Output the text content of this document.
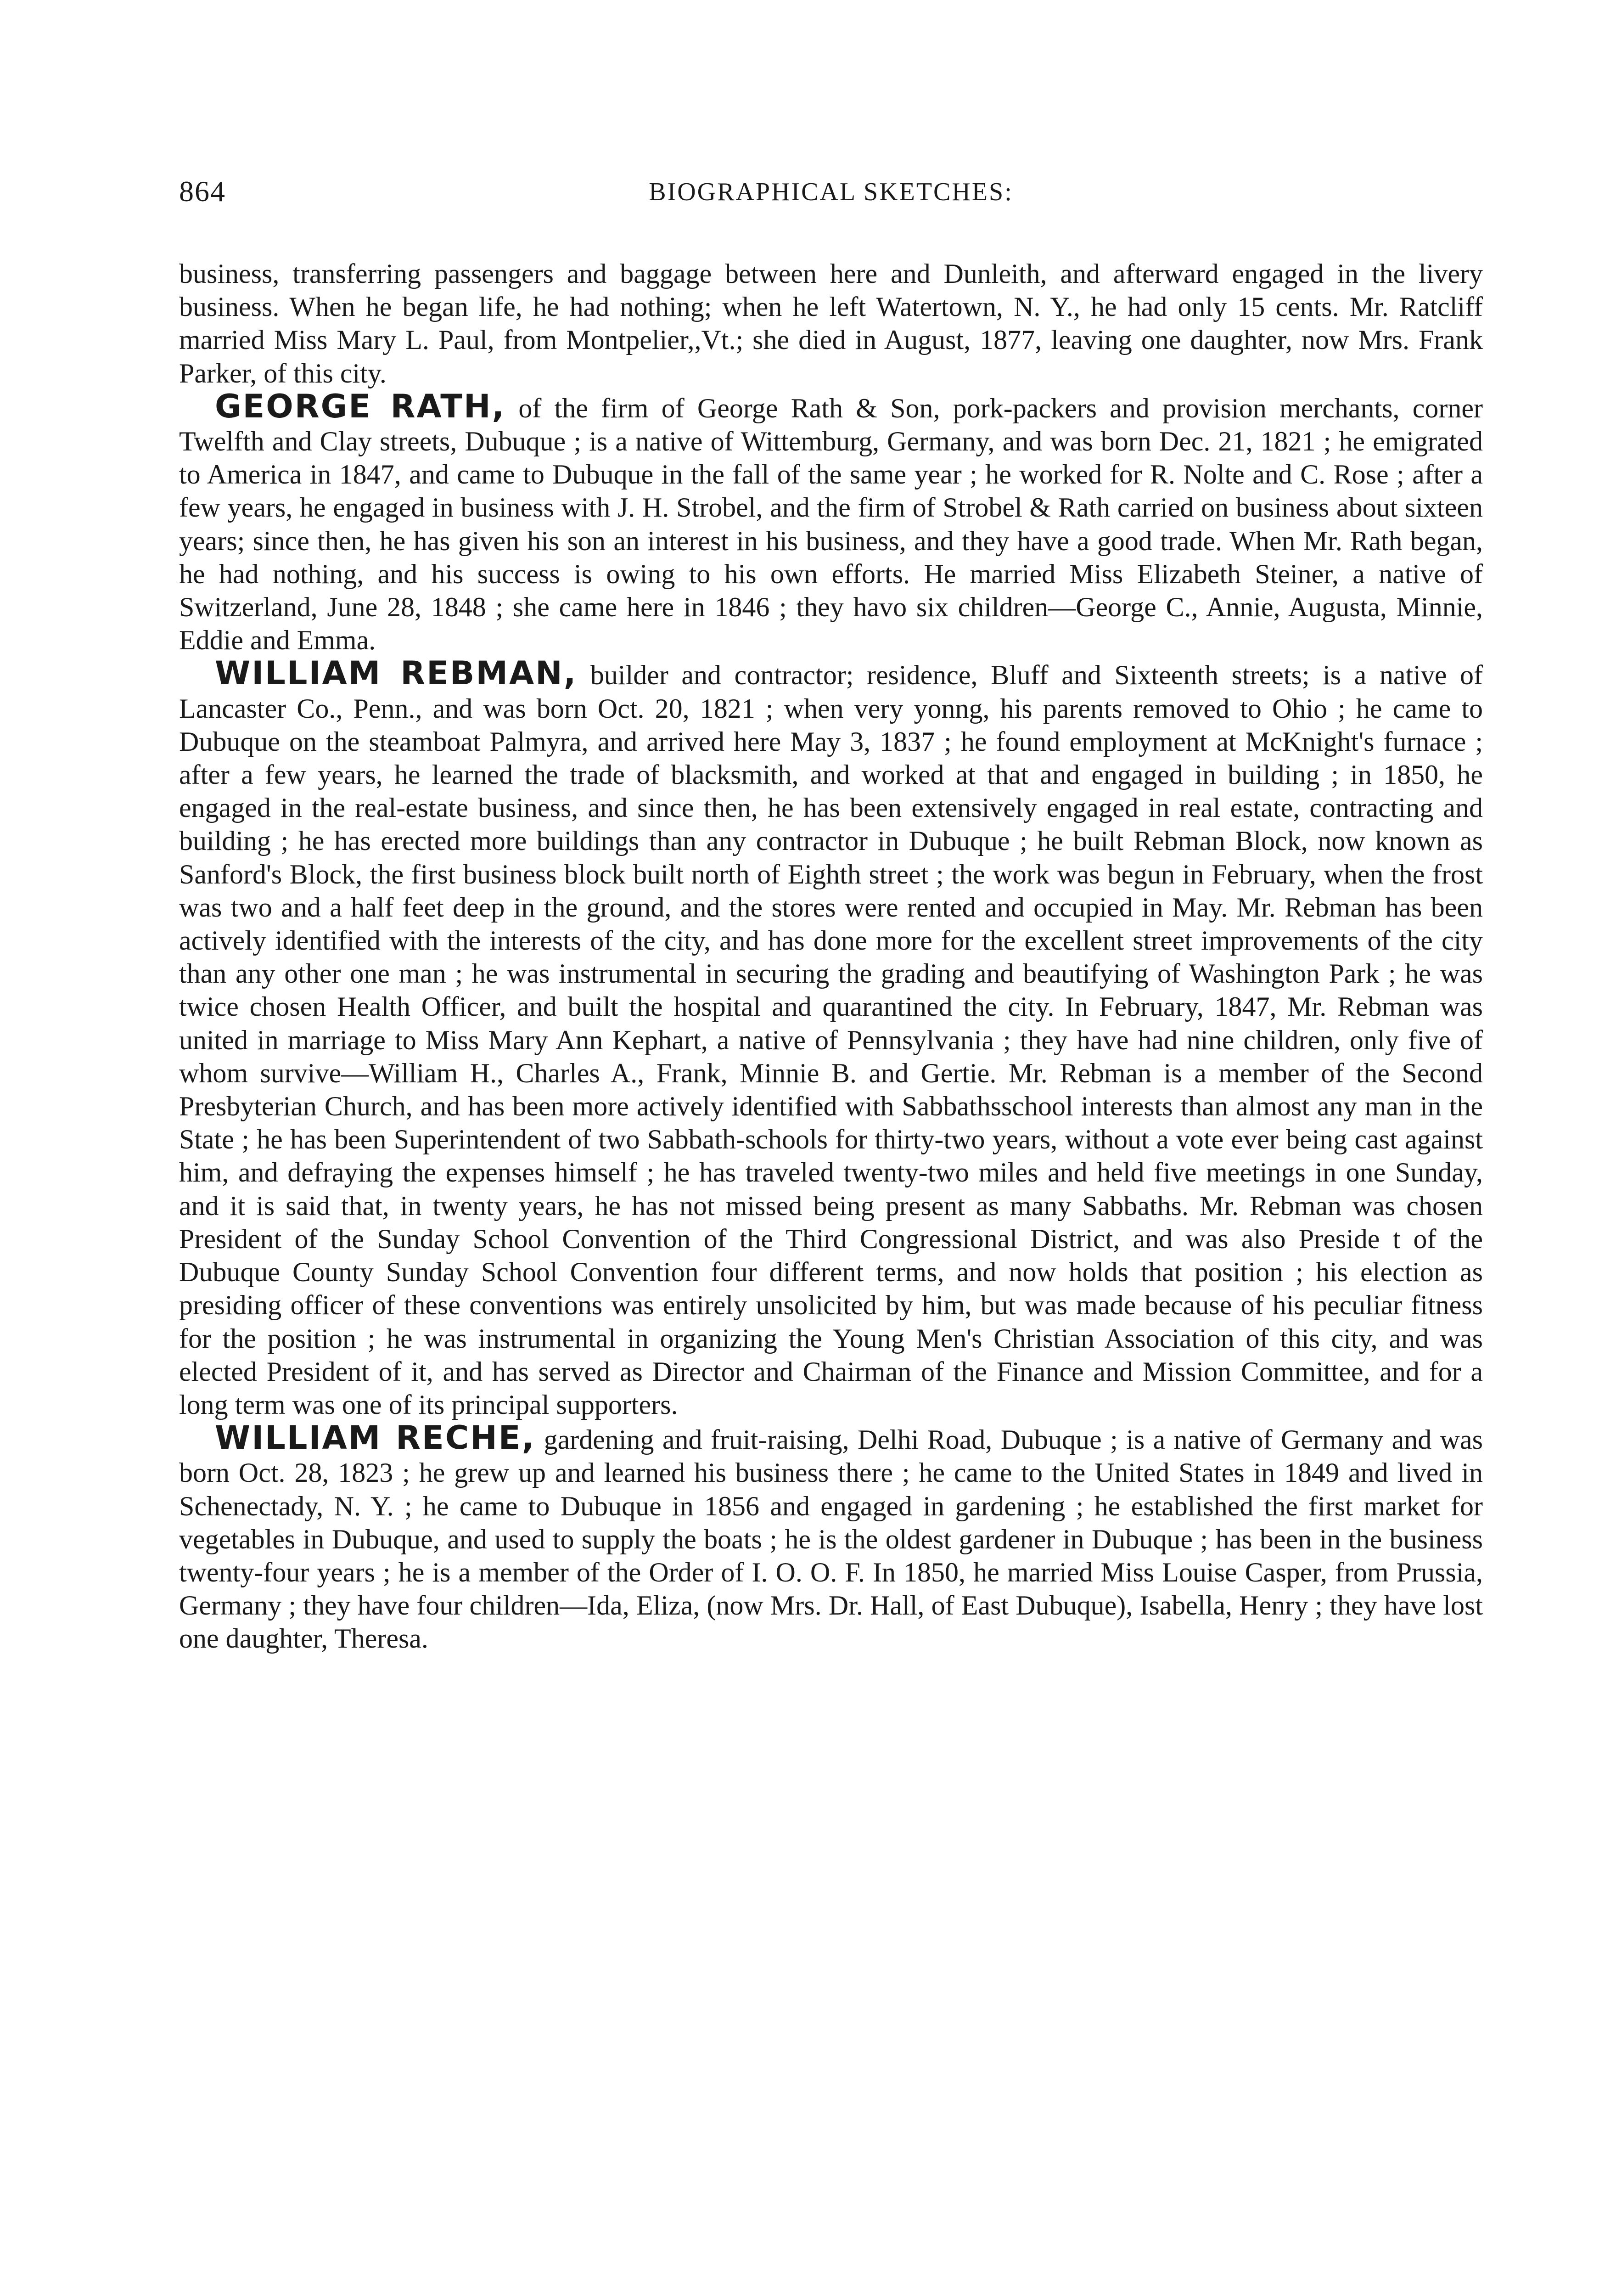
864	BIOGRAPHICAL SKETCHES:

business, transferring passengers and baggage between here and Dunleith, and afterward engaged in the livery business. When he began life, he had nothing; when he left Watertown, N. Y., he had only 15 cents. Mr. Ratcliff married Miss Mary L. Paul, from Montpelier,,Vt.; she died in August, 1877, leaving one daughter, now Mrs. Frank Parker, of this city.

GEORGE RATH, of the firm of George Rath & Son, pork-packers and provision merchants, corner Twelfth and Clay streets, Dubuque ; is a native of Wittemburg, Germany, and was born Dec. 21, 1821 ; he emigrated to America in 1847, and came to Dubuque in the fall of the same year ; he worked for R. Nolte and C. Rose ; after a few years, he engaged in business with J. H. Strobel, and the firm of Strobel & Rath carried on business about sixteen years; since then, he has given his son an interest in his business, and they have a good trade. When Mr. Rath began, he had nothing, and his success is owing to his own efforts. He married Miss Elizabeth Steiner, a native of Switzerland, June 28, 1848 ; she came here in 1846 ; they havo six children—George C., Annie, Augusta, Minnie, Eddie and Emma.

WILLIAM REBMAN, builder and contractor; residence, Bluff and Sixteenth streets; is a native of Lancaster Co., Penn., and was born Oct. 20, 1821 ; when very yonng, his parents removed to Ohio ; he came to Dubuque on the steamboat Palmyra, and arrived here May 3, 1837 ; he found employment at McKnight's furnace ; after a few years, he learned the trade of blacksmith, and worked at that and engaged in building ; in 1850, he engaged in the real-estate business, and since then, he has been extensively engaged in real estate, contracting and building ; he has erected more buildings than any contractor in Dubuque ; he built Rebman Block, now known as Sanford's Block, the first business block built north of Eighth street ; the work was begun in February, when the frost was two and a half feet deep in the ground, and the stores were rented and occupied in May. Mr. Rebman has been actively identified with the interests of the city, and has done more for the excellent street improvements of the city than any other one man ; he was instrumental in securing the grading and beautifying of Washington Park ; he was twice chosen Health Officer, and built the hospital and quarantined the city. In February, 1847, Mr. Rebman was united in marriage to Miss Mary Ann Kephart, a native of Pennsylvania ; they have had nine children, only five of whom survive—William H., Charles A., Frank, Minnie B. and Gertie. Mr. Rebman is a member of the Second Presbyterian Church, and has been more actively identified with Sabbathsschool interests than almost any man in the State ; he has been Superintendent of two Sabbath-schools for thirty-two years, without a vote ever being cast against him, and defraying the expenses himself ; he has traveled twenty-two miles and held five meetings in one Sunday, and it is said that, in twenty years, he has not missed being present as many Sabbaths. Mr. Rebman was chosen President of the Sunday School Convention of the Third Congressional District, and was also Preside t of the Dubuque County Sunday School Convention four different terms, and now holds that position ; his election as presiding officer of these conventions was entirely unsolicited by him, but was made because of his peculiar fitness for the position ; he was instrumental in organizing the Young Men's Christian Association of this city, and was elected President of it, and has served as Director and Chairman of the Finance and Mission Committee, and for a long term was one of its principal supporters.

WILLIAM RECHE, gardening and fruit-raising, Delhi Road, Dubuque ; is a native of Germany and was born Oct. 28, 1823 ; he grew up and learned his business there ; he came to the United States in 1849 and lived in Schenectady, N. Y. ; he came to Dubuque in 1856 and engaged in gardening ; he established the first market for vegetables in Dubuque, and used to supply the boats ; he is the oldest gardener in Dubuque ; has been in the business twenty-four years ; he is a member of the Order of I. O. O. F. In 1850, he married Miss Louise Casper, from Prussia, Germany ; they have four children—Ida, Eliza, (now Mrs. Dr. Hall, of East Dubuque), Isabella, Henry ; they have lost one daughter, Theresa.
